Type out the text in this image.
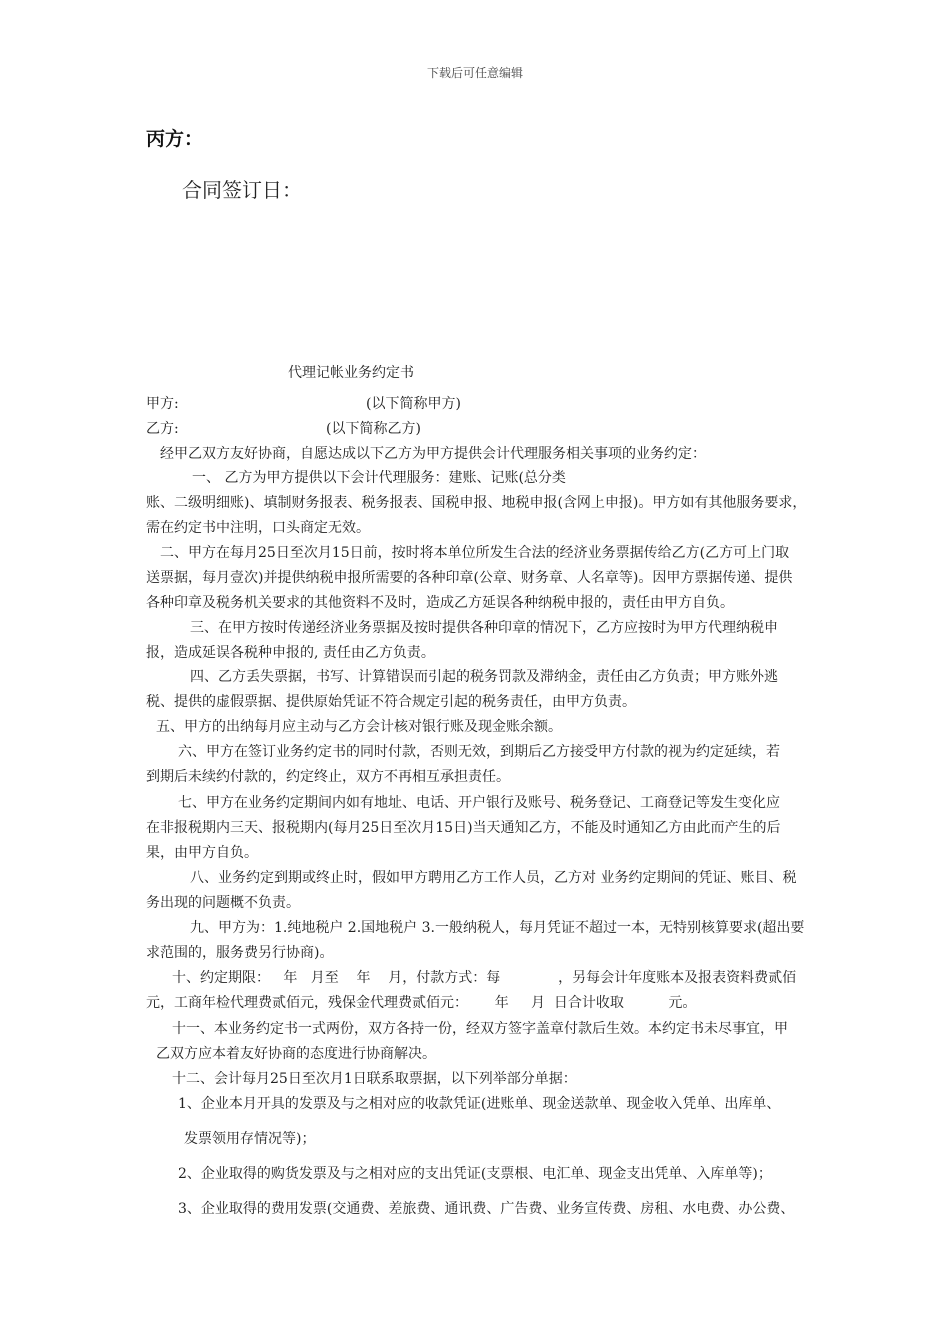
下载后可任意编辑
丙方：
合同签订日：
代理记帐业务约定书
甲方:	(以下简称甲方)
乙方:	(以下简称乙方)
经甲乙双方友好协商，自愿达成以下乙方为甲方提供会计代理服务相关事项的业务约定：
一、 乙方为甲方提供以下会计代理服务：建账、记账(总分类
账、二级明细账)、填制财务报表、税务报表、国税申报、地税申报(含网上申报)。甲方如有其他服务要求，
需在约定书中注明，口头商定无效。
二、甲方在每月25日至次月15日前，按时将本单位所发生合法的经济业务票据传给乙方(乙方可上门取
送票据，每月壹次)并提供纳税申报所需要的各种印章(公章、财务章、人名章等)。因甲方票据传递、提供
各种印章及税务机关要求的其他资料不及时，造成乙方延误各种纳税申报的，责任由甲方自负。
三、在甲方按时传递经济业务票据及按时提供各种印章的情况下，乙方应按时为甲方代理纳税申
报，造成延误各税种申报的, 责任由乙方负责。
四、乙方丢失票据，书写、计算错误而引起的税务罚款及滞纳金，责任由乙方负责；甲方账外逃
税、提供的虚假票据、提供原始凭证不符合规定引起的税务责任，由甲方负责。
五、甲方的出纳每月应主动与乙方会计核对银行账及现金账余额。
六、甲方在签订业务约定书的同时付款，否则无效，到期后乙方接受甲方付款的视为约定延续，若
到期后未续约付款的，约定终止，双方不再相互承担责任。
七、甲方在业务约定期间内如有地址、电话、开户银行及账号、税务登记、工商登记等发生变化应
在非报税期内三天、报税期内(每月25日至次月15日)当天通知乙方，不能及时通知乙方由此而产生的后
果，由甲方自负。
八、业务约定到期或终止时，假如甲方聘用乙方工作人员，乙方对 业务约定期间的凭证、账目、税
务出现的问题概不负责。
九、甲方为：1.纯地税户 2.国地税户 3.一般纳税人，每月凭证不超过一本，无特别核算要求(超出要
求范围的，服务费另行协商)。
十、约定期限：   年   月至    年    月，付款方式：每             ，另每会计年度账本及报表资料费贰佰
元，工商年检代理费贰佰元，残保金代理费贰佰元：      年     月  日合计收取          元。
十一、本业务约定书一式两份，双方各持一份，经双方签字盖章付款后生效。本约定书未尽事宜，甲
乙双方应本着友好协商的态度进行协商解决。
十二、会计每月25日至次月1日联系取票据，以下列举部分单据：
1、企业本月开具的发票及与之相对应的收款凭证(进账单、现金送款单、现金收入凭单、出库单、
发票领用存情况等)；
2、企业取得的购货发票及与之相对应的支出凭证(支票根、电汇单、现金支出凭单、入库单等)；
3、企业取得的费用发票(交通费、差旅费、通讯费、广告费、业务宣传费、房租、水电费、办公费、
